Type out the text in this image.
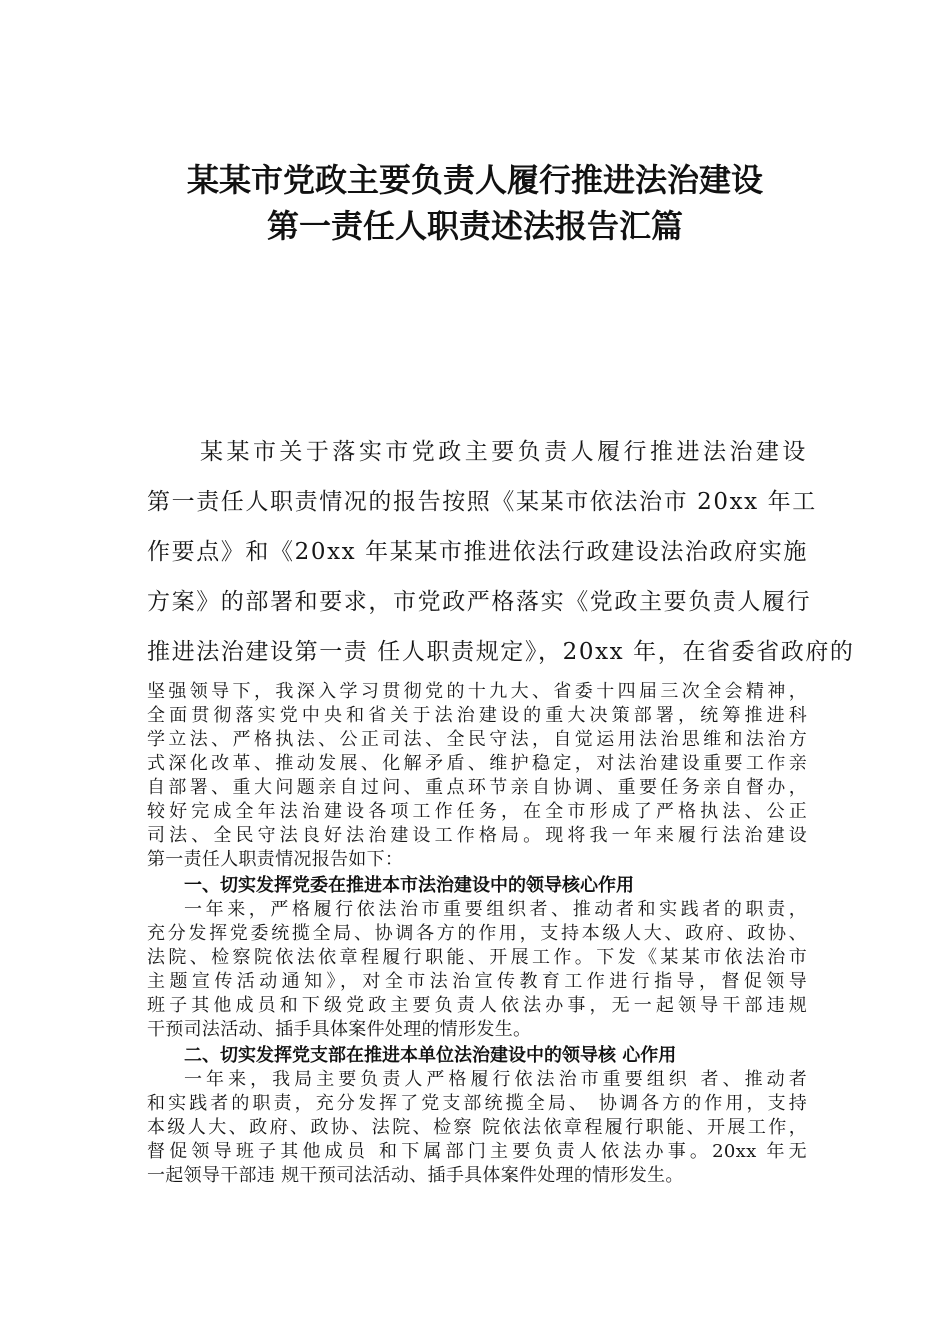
某某市党政主要负责人履行推进法治建设
第一责任人职责述法报告汇篇
某某市关于落实市党政主要负责人履行推进法治建设
第一责任人职责情况的报告按照《某某市依法治市 20xx 年工
作要点》和《20xx 年某某市推进依法行政建设法治政府实施
方案》的部署和要求，市党政严格落实《党政主要负责人履行
推进法治建设第一责 任人职责规定》，20xx 年，在省委省政府的
坚强领导下，我深入学习贯彻党的十九大、省委十四届三次全会精神，
全面贯彻落实党中央和省关于法治建设的重大决策部署，统筹推进科
学立法、严格执法、公正司法、全民守法，自觉运用法治思维和法治方
式深化改革、推动发展、化解矛盾、维护稳定，对法治建设重要工作亲
自部署、重大问题亲自过问、重点环节亲自协调、重要任务亲自督办，
较好完成全年法治建设各项工作任务，在全市形成了严格执法、公正
司法、全民守法良好法治建设工作格局。现将我一年来履行法治建设
第一责任人职责情况报告如下：
一、切实发挥党委在推进本市法治建设中的领导核心作用
一年来，严格履行依法治市重要组织者、推动者和实践者的职责，
充分发挥党委统揽全局、协调各方的作用，支持本级人大、政府、政协、
法院、检察院依法依章程履行职能、开展工作。下发《某某市依法治市
主题宣传活动通知》，对全市法治宣传教育工作进行指导，督促领导
班子其他成员和下级党政主要负责人依法办事，无一起领导干部违规
干预司法活动、插手具体案件处理的情形发生。
二、切实发挥党支部在推进本单位法治建设中的领导核 心作用
一年来，我局主要负责人严格履行依法治市重要组织 者、推动者
和实践者的职责，充分发挥了党支部统揽全局、 协调各方的作用，支持
本级人大、政府、政协、法院、检察 院依法依章程履行职能、开展工作，
督促领导班子其他成员 和下属部门主要负责人依法办事。20xx 年无
一起领导干部违 规干预司法活动、插手具体案件处理的情形发生。
